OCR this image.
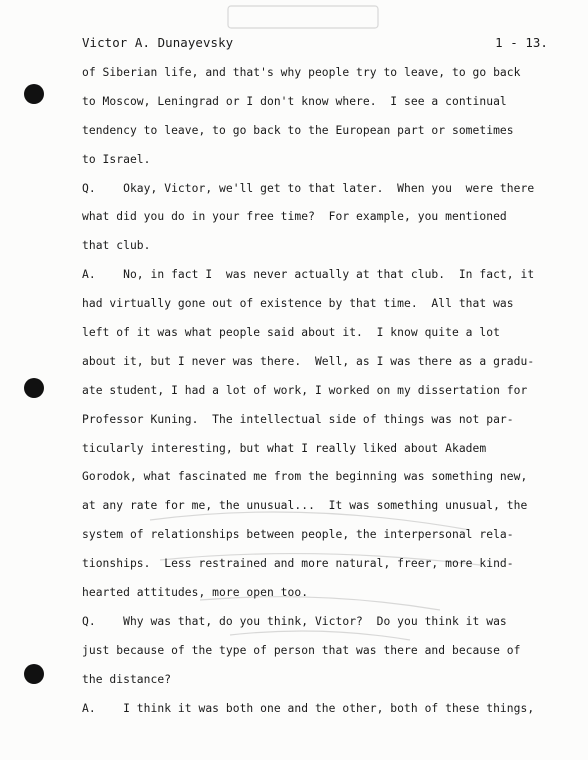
Victor A. Dunayevsky	1 - 13.
of Siberian life, and that's why people try to leave, to go back
to Moscow, Leningrad or I don't know where.  I see a continual
tendency to leave, to go back to the European part or sometimes
to Israel.
Q.    Okay, Victor, we'll get to that later.  When you  were there
what did you do in your free time?  For example, you mentioned
that club.
A.    No, in fact I  was never actually at that club.  In fact, it
had virtually gone out of existence by that time.  All that was
left of it was what people said about it.  I know quite a lot
about it, but I never was there.  Well, as I was there as a gradu-
ate student, I had a lot of work, I worked on my dissertation for
Professor Kuning.  The intellectual side of things was not par-
ticularly interesting, but what I really liked about Akadem
Gorodok, what fascinated me from the beginning was something new,
at any rate for me, the unusual...  It was something unusual, the
system of relationships between people, the interpersonal rela-
tionships.  Less restrained and more natural, freer, more kind-
hearted attitudes, more open too.
Q.    Why was that, do you think, Victor?  Do you think it was
just because of the type of person that was there and because of
the distance?
A.    I think it was both one and the other, both of these things,
